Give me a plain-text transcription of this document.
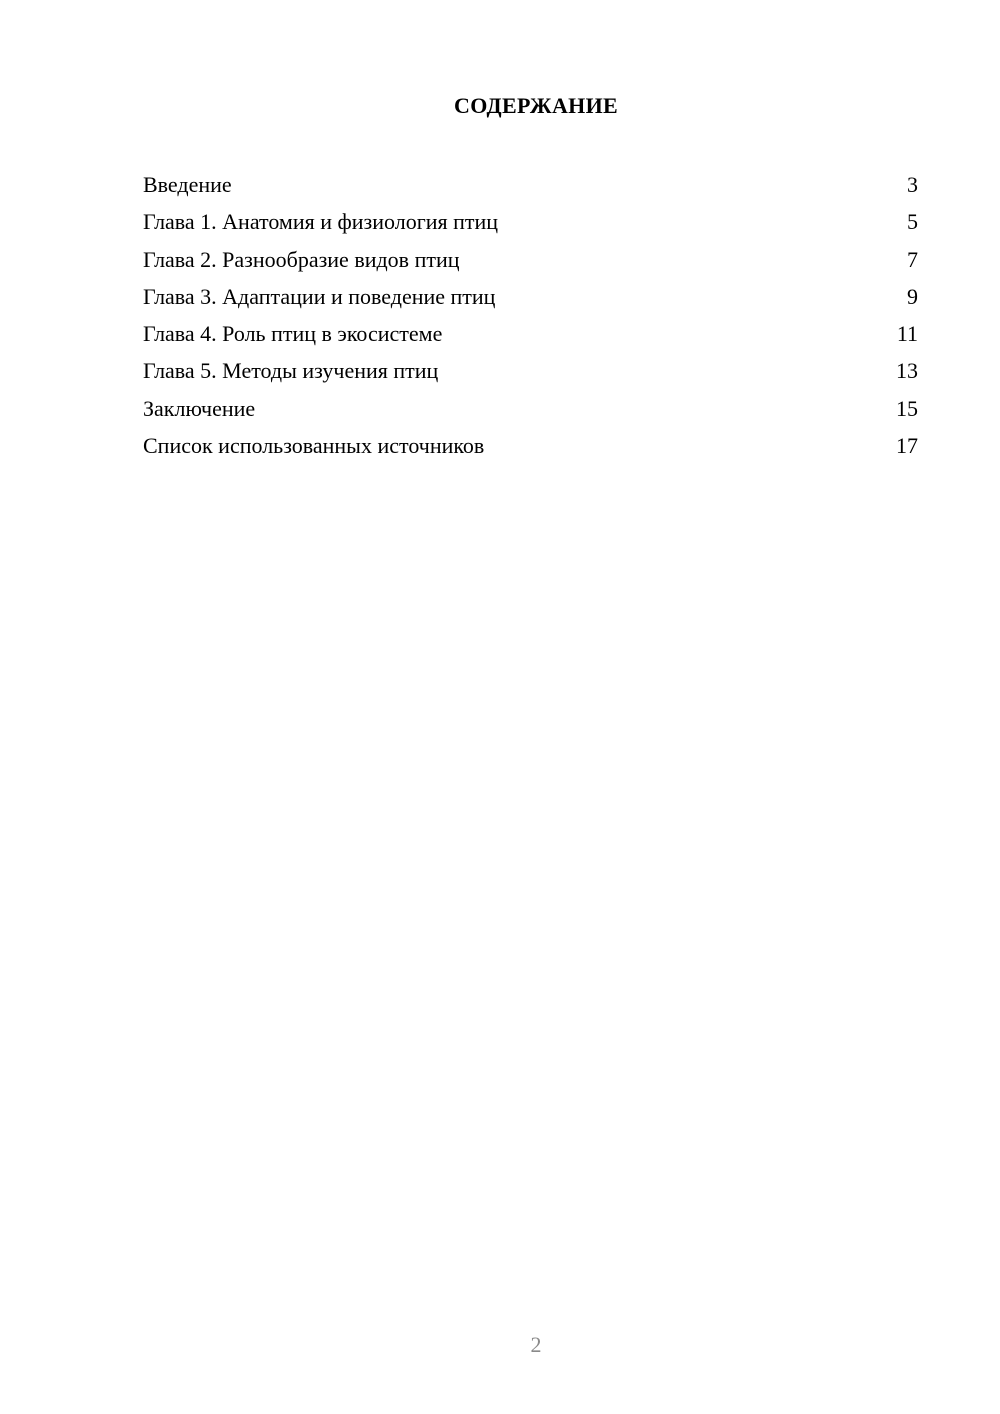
СОДЕРЖАНИЕ
Введение	3
Глава 1. Анатомия и физиология птиц	5
Глава 2. Разнообразие видов птиц	7
Глава 3. Адаптации и поведение птиц	9
Глава 4. Роль птиц в экосистеме	11
Глава 5. Методы изучения птиц	13
Заключение	15
Список использованных источников	17
2
